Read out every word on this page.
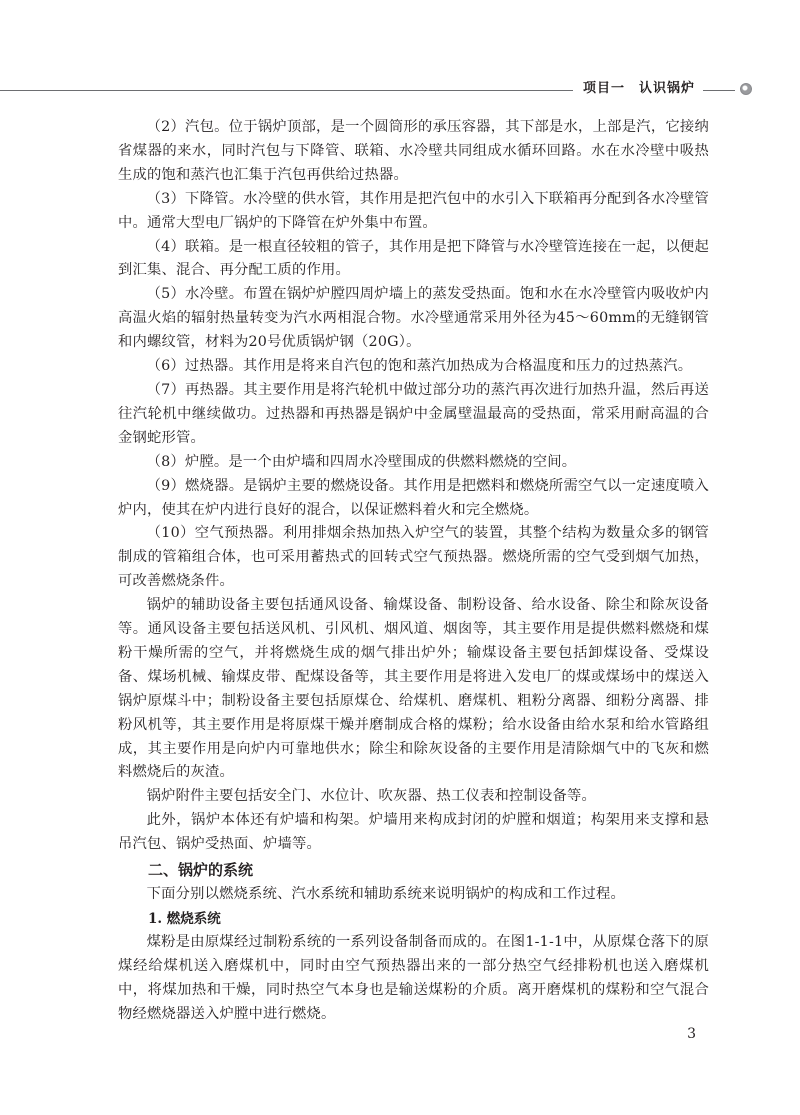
项目一　认识锅炉

（2）汽包。位于锅炉顶部，是一个圆筒形的承压容器，其下部是水，上部是汽，它接纳省煤器的来水，同时汽包与下降管、联箱、水冷壁共同组成水循环回路。水在水冷壁中吸热生成的饱和蒸汽也汇集于汽包再供给过热器。

（3）下降管。水冷壁的供水管，其作用是把汽包中的水引入下联箱再分配到各水冷壁管中。通常大型电厂锅炉的下降管在炉外集中布置。

（4）联箱。是一根直径较粗的管子，其作用是把下降管与水冷壁管连接在一起，以便起到汇集、混合、再分配工质的作用。

（5）水冷壁。布置在锅炉炉膛四周炉墙上的蒸发受热面。饱和水在水冷壁管内吸收炉内高温火焰的辐射热量转变为汽水两相混合物。水冷壁通常采用外径为45～60mm的无缝钢管和内螺纹管，材料为20号优质锅炉钢（20G）。

（6）过热器。其作用是将来自汽包的饱和蒸汽加热成为合格温度和压力的过热蒸汽。

（7）再热器。其主要作用是将汽轮机中做过部分功的蒸汽再次进行加热升温，然后再送往汽轮机中继续做功。过热器和再热器是锅炉中金属壁温最高的受热面，常采用耐高温的合金钢蛇形管。

（8）炉膛。是一个由炉墙和四周水冷壁围成的供燃料燃烧的空间。

（9）燃烧器。是锅炉主要的燃烧设备。其作用是把燃料和燃烧所需空气以一定速度喷入炉内，使其在炉内进行良好的混合，以保证燃料着火和完全燃烧。

（10）空气预热器。利用排烟余热加热入炉空气的装置，其整个结构为数量众多的钢管制成的管箱组合体，也可采用蓄热式的回转式空气预热器。燃烧所需的空气受到烟气加热，可改善燃烧条件。

锅炉的辅助设备主要包括通风设备、输煤设备、制粉设备、给水设备、除尘和除灰设备等。通风设备主要包括送风机、引风机、烟风道、烟囱等，其主要作用是提供燃料燃烧和煤粉干燥所需的空气，并将燃烧生成的烟气排出炉外；输煤设备主要包括卸煤设备、受煤设备、煤场机械、输煤皮带、配煤设备等，其主要作用是将进入发电厂的煤或煤场中的煤送入锅炉原煤斗中；制粉设备主要包括原煤仓、给煤机、磨煤机、粗粉分离器、细粉分离器、排粉风机等，其主要作用是将原煤干燥并磨制成合格的煤粉；给水设备由给水泵和给水管路组成，其主要作用是向炉内可靠地供水；除尘和除灰设备的主要作用是清除烟气中的飞灰和燃料燃烧后的灰渣。

锅炉附件主要包括安全门、水位计、吹灰器、热工仪表和控制设备等。

此外，锅炉本体还有炉墙和构架。炉墙用来构成封闭的炉膛和烟道；构架用来支撑和悬吊汽包、锅炉受热面、炉墙等。

二、锅炉的系统

下面分别以燃烧系统、汽水系统和辅助系统来说明锅炉的构成和工作过程。

1. 燃烧系统

煤粉是由原煤经过制粉系统的一系列设备制备而成的。在图1-1-1中，从原煤仓落下的原煤经给煤机送入磨煤机中，同时由空气预热器出来的一部分热空气经排粉机也送入磨煤机中，将煤加热和干燥，同时热空气本身也是输送煤粉的介质。离开磨煤机的煤粉和空气混合物经燃烧器送入炉膛中进行燃烧。

3
